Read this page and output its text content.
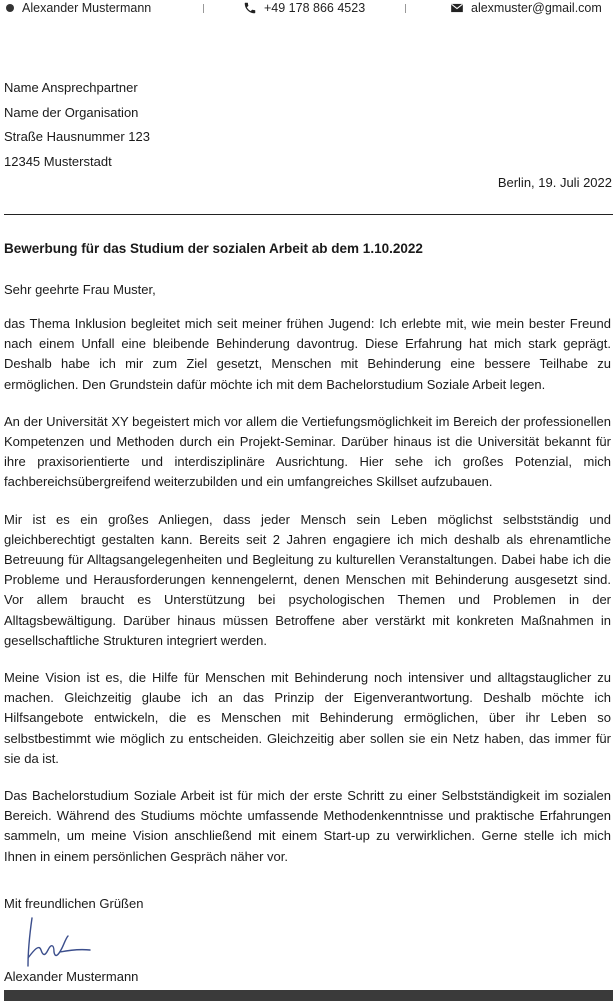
Alexander Mustermann	+49 178 866 4523	alexmuster@gmail.com
Name Ansprechpartner
Name der Organisation
Straße Hausnummer 123
12345 Musterstadt
Berlin, 19. Juli 2022
Bewerbung für das Studium der sozialen Arbeit ab dem 1.10.2022
Sehr geehrte Frau Muster,

das Thema Inklusion begleitet mich seit meiner frühen Jugend: Ich erlebte mit, wie mein bester Freund nach einem Unfall eine bleibende Behinderung davontrug. Diese Erfahrung hat mich stark geprägt. Deshalb habe ich mir zum Ziel gesetzt, Menschen mit Behinderung eine bessere Teilhabe zu ermöglichen. Den Grundstein dafür möchte ich mit dem Bachelorstudium Soziale Arbeit legen.

An der Universität XY begeistert mich vor allem die Vertiefungsmöglichkeit im Bereich der professionellen Kompetenzen und Methoden durch ein Projekt-Seminar. Darüber hinaus ist die Universität bekannt für ihre praxisorientierte und interdisziplinäre Ausrichtung. Hier sehe ich großes Potenzial, mich fachbereichsübergreifend weiterzubilden und ein umfangreiches Skillset aufzubauen.

Mir ist es ein großes Anliegen, dass jeder Mensch sein Leben möglichst selbstständig und gleichberechtigt gestalten kann. Bereits seit 2 Jahren engagiere ich mich deshalb als ehrenamtliche Betreuung für Alltagsangelegenheiten und Begleitung zu kulturellen Veranstaltungen. Dabei habe ich die Probleme und Herausforderungen kennengelernt, denen Menschen mit Behinderung ausgesetzt sind. Vor allem braucht es Unterstützung bei psychologischen Themen und Problemen in der Alltagsbewältigung. Darüber hinaus müssen Betroffene aber verstärkt mit konkreten Maßnahmen in gesellschaftliche Strukturen integriert werden.

Meine Vision ist es, die Hilfe für Menschen mit Behinderung noch intensiver und alltagstauglicher zu machen. Gleichzeitig glaube ich an das Prinzip der Eigenverantwortung. Deshalb möchte ich Hilfsangebote entwickeln, die es Menschen mit Behinderung ermöglichen, über ihr Leben so selbstbestimmt wie möglich zu entscheiden. Gleichzeitig aber sollen sie ein Netz haben, das immer für sie da ist.

Das Bachelorstudium Soziale Arbeit ist für mich der erste Schritt zu einer Selbstständigkeit im sozialen Bereich. Während des Studiums möchte umfassende Methodenkenntnisse und praktische Erfahrungen sammeln, um meine Vision anschließend mit einem Start-up zu verwirklichen. Gerne stelle ich mich Ihnen in einem persönlichen Gespräch näher vor.

Mit freundlichen Grüßen
Alexander Mustermann
